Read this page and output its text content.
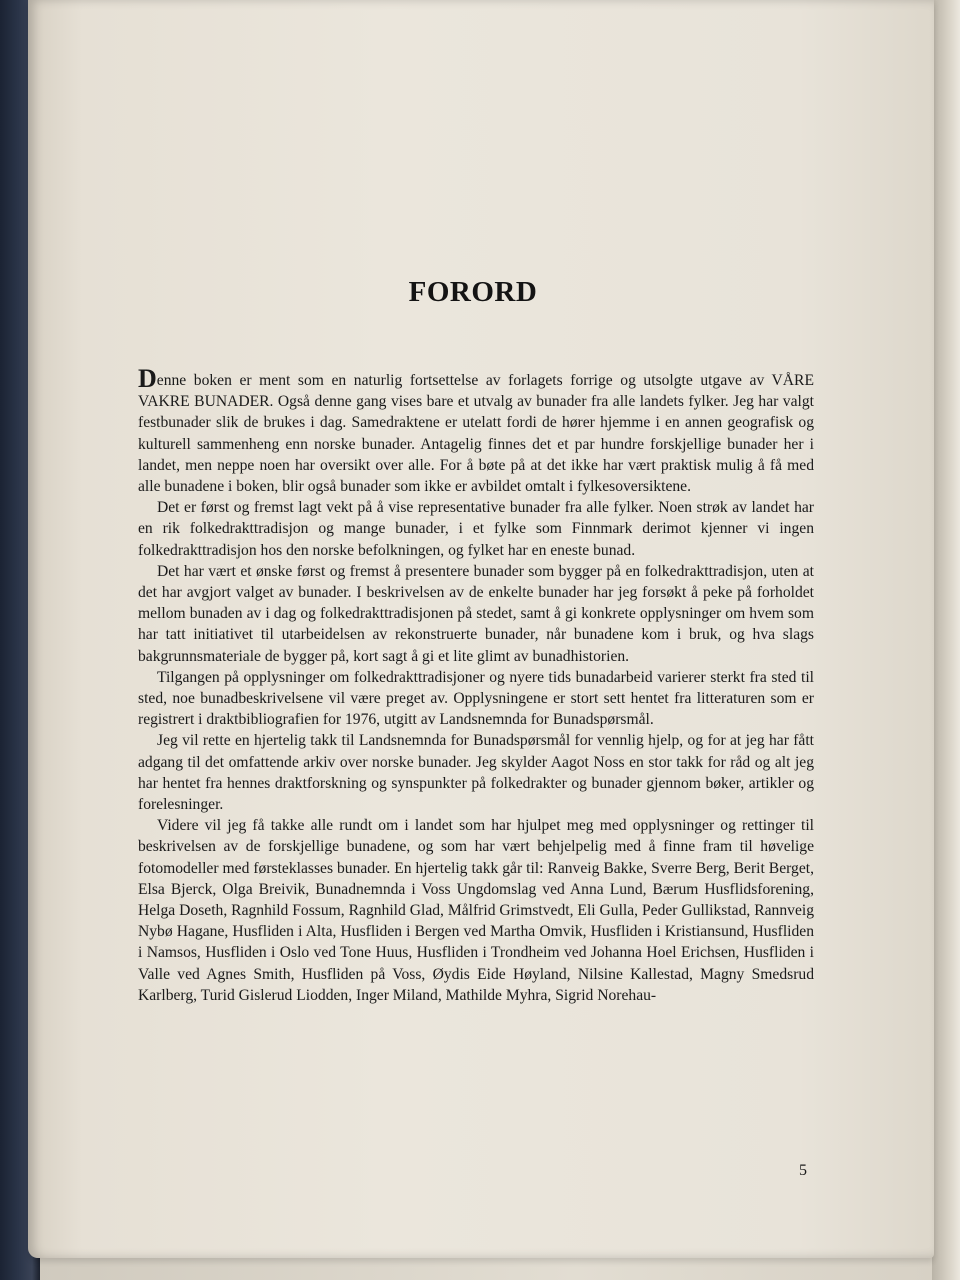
FORORD

Denne boken er ment som en naturlig fortsettelse av forlagets forrige og utsolgte utgave av VÅRE VAKRE BUNADER. Også denne gang vises bare et utvalg av bunader fra alle landets fylker. Jeg har valgt festbunader slik de brukes i dag. Samedraktene er utelatt fordi de hører hjemme i en annen geografisk og kulturell sammenheng enn norske bunader. Antagelig finnes det et par hundre forskjellige bunader her i landet, men neppe noen har oversikt over alle. For å bøte på at det ikke har vært praktisk mulig å få med alle bunadene i boken, blir også bunader som ikke er avbildet omtalt i fylkesoversiktene.

Det er først og fremst lagt vekt på å vise representative bunader fra alle fylker. Noen strøk av landet har en rik folkedrakttradisjon og mange bunader, i et fylke som Finnmark derimot kjenner vi ingen folkedrakttradisjon hos den norske befolkningen, og fylket har en eneste bunad.

Det har vært et ønske først og fremst å presentere bunader som bygger på en folkedrakttradisjon, uten at det har avgjort valget av bunader. I beskrivelsen av de enkelte bunader har jeg forsøkt å peke på forholdet mellom bunaden av i dag og folkedrakttradisjonen på stedet, samt å gi konkrete opplysninger om hvem som har tatt initiativet til utarbeidelsen av rekonstruerte bunader, når bunadene kom i bruk, og hva slags bakgrunnsmateriale de bygger på, kort sagt å gi et lite glimt av bunadhistorien.

Tilgangen på opplysninger om folkedrakttradisjoner og nyere tids bunadarbeid varierer sterkt fra sted til sted, noe bunadbeskrivelsene vil være preget av. Opplysningene er stort sett hentet fra litteraturen som er registrert i draktbibliografien for 1976, utgitt av Landsnemnda for Bunadspørsmål.

Jeg vil rette en hjertelig takk til Landsnemnda for Bunadspørsmål for vennlig hjelp, og for at jeg har fått adgang til det omfattende arkiv over norske bunader. Jeg skylder Aagot Noss en stor takk for råd og alt jeg har hentet fra hennes draktforskning og synspunkter på folkedrakter og bunader gjennom bøker, artikler og forelesninger.

Videre vil jeg få takke alle rundt om i landet som har hjulpet meg med opplysninger og rettinger til beskrivelsen av de forskjellige bunadene, og som har vært behjelpelig med å finne fram til høvelige fotomodeller med førsteklasses bunader. En hjertelig takk går til: Ranveig Bakke, Sverre Berg, Berit Berget, Elsa Bjerck, Olga Breivik, Bunadnemnda i Voss Ungdomslag ved Anna Lund, Bærum Husflidsforening, Helga Doseth, Ragnhild Fossum, Ragnhild Glad, Målfrid Grimstvedt, Eli Gulla, Peder Gullikstad, Rannveig Nybø Hagane, Husfliden i Alta, Husfliden i Bergen ved Martha Omvik, Husfliden i Kristiansund, Husfliden i Namsos, Husfliden i Oslo ved Tone Huus, Husfliden i Trondheim ved Johanna Hoel Erichsen, Husfliden i Valle ved Agnes Smith, Husfliden på Voss, Øydis Eide Høyland, Nilsine Kallestad, Magny Smedsrud Karlberg, Turid Gislerud Liodden, Inger Miland, Mathilde Myhra, Sigrid Norehau-

5
